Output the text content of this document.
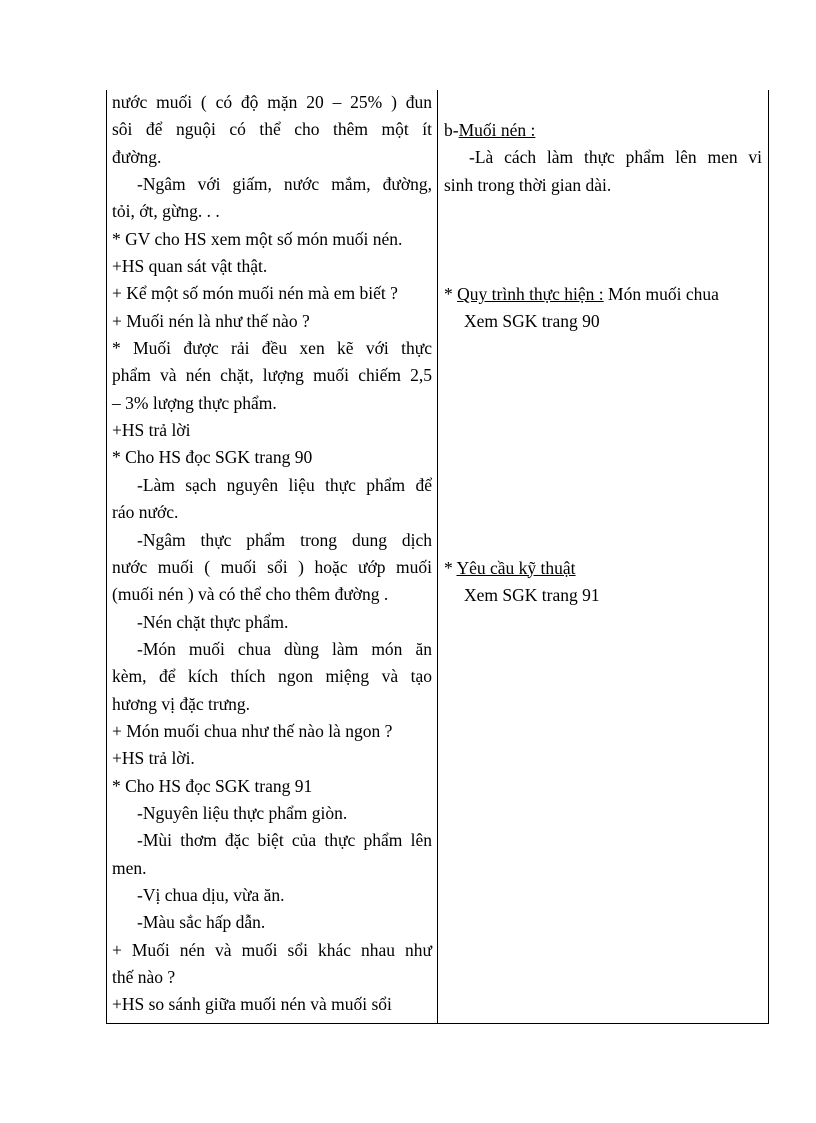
nước muối ( có độ mặn 20 – 25% ) đun
sôi để nguội có thể cho thêm một ít
đường.
-Ngâm với giấm, nước mắm, đường,
tỏi, ớt, gừng. . .
* GV cho HS xem một số món muối nén.
+HS quan sát vật thật.
+ Kể một số món muối nén mà em biết ?
+ Muối nén là như thế nào ?
* Muối được rải đều xen kẽ với thực
phẩm và nén chặt, lượng muối chiếm 2,5
– 3% lượng thực phẩm.
+HS trả lời
* Cho HS đọc SGK trang 90
-Làm sạch nguyên liệu thực phẩm để
ráo nước.
-Ngâm thực phẩm trong dung dịch
nước muối ( muối sổi ) hoặc ướp muối
(muối nén ) và có thể cho thêm đường .
-Nén chặt thực phẩm.
-Món muối chua dùng làm món ăn
kèm, để kích thích ngon miệng và tạo
hương vị đặc trưng.
+ Món muối chua như thế nào là ngon ?
+HS trả lời.
* Cho HS đọc SGK trang 91
-Nguyên liệu thực phẩm giòn.
-Mùi thơm đặc biệt của thực phẩm lên
men.
-Vị chua dịu, vừa ăn.
-Màu sắc hấp dẫn.
+ Muối nén và muối sổi khác nhau như
thế nào ?
+HS so sánh giữa muối nén và muối sổi
b-Muối nén :
-Là cách làm thực phẩm lên men vi
sinh trong thời gian dài.
* Quy trình thực hiện : Món muối chua
Xem SGK trang 90
* Yêu cầu kỹ thuật
Xem SGK trang 91
